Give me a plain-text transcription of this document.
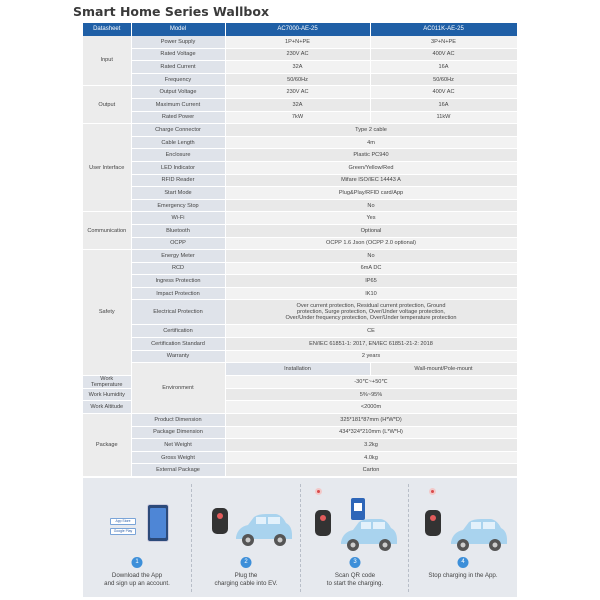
Smart Home Series Wallbox
Datasheet	Model	AC7000-AE-25	AC011K-AE-25
Input	Power Supply	1P+N+PE	3P+N+PE
	Rated Voltage	230V AC	400V AC
	Rated Current	32A	16A
	Frequency	50/60Hz	50/60Hz
Output	Output Voltage	230V AC	400V AC
	Maximum Current	32A	16A
	Rated Power	7kW	11kW
User Interface	Charge Connector	Type 2 cable	
	Cable Length	4m	
	Enclosure	Plastic PC940	
	LED Indicator	Green/Yellow/Red	
	RFID Reader	Mifare ISO/IEC 14443 A	
	Start Mode	Plug&Play/RFID card/App	
	Emergency Stop	No	
Communication	Wi-Fi	Yes	
	Bluetooth	Optional	
	OCPP	OCPP 1.6 Json (OCPP 2.0 optional)	
Safety	Energy Meter	No	
	RCD	6mA DC	
	Ingress Protection	IP65	
	Impact Protection	IK10	
	Electrical Protection	Over current protection, Residual current protection, Ground protection, Surge protection, Over/Under voltage protection, Over/Under frequency protection, Over/Under temperature protection	
	Certification	CE	
	Certification Standard	EN/IEC 61851-1: 2017, EN/IEC 61851-21-2: 2018	
	Warranty	2 years	
	Environment	Installation	Wall-mount/Pole-mount
Work Temperature		-30℃~+50℃	
Work Humidity		5%~95%	
Work Altitude		<2000m	
Package	Product Dimension	325*181*87mm (H*W*D)	
	Package Dimension	434*324*210mm (L*W*H)	
	Net Weight	3.2kg	
	Gross Weight	4.0kg	
	External Package	Carton	
App Store
Google Play
1
Download the App
and sign up an account.
2
Plug the
charging cable into EV.
3
Scan QR code
to start the charging.
4
Stop charging in the App.
